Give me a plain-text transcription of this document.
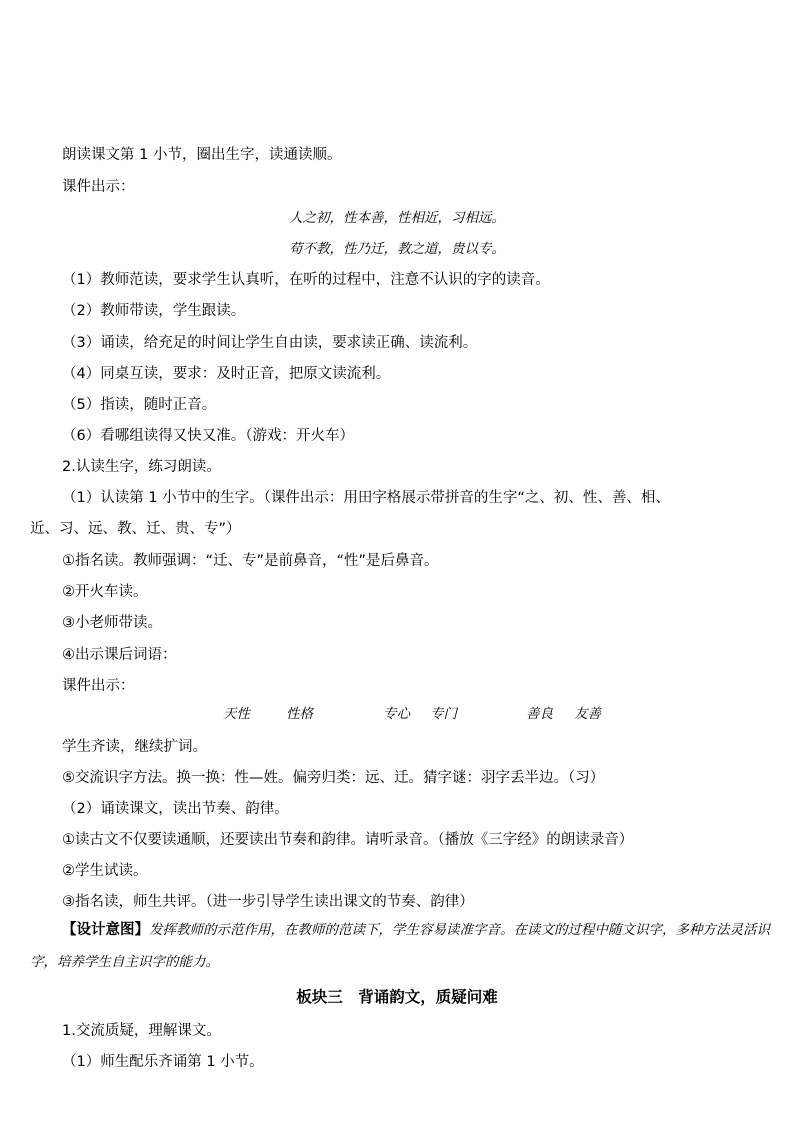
朗读课文第 1 小节，圈出生字，读通读顺。
课件出示：
人之初，性本善，性相近，习相远。
苟不教，性乃迁，教之道，贵以专。
（1）教师范读，要求学生认真听，在听的过程中，注意不认识的字的读音。
（2）教师带读，学生跟读。
（3）诵读，给充足的时间让学生自由读，要求读正确、读流利。
（4）同桌互读，要求：及时正音，把原文读流利。
（5）指读，随时正音。
（6）看哪组读得又快又准。（游戏：开火车）
2.认读生字，练习朗读。
（1）认读第 1 小节中的生字。（课件出示：用田字格展示带拼音的生字“之、初、性、善、相、
近、习、远、教、迁、贵、专”）
①指名读。教师强调：“迁、专”是前鼻音，“性”是后鼻音。
②开火车读。
③小老师带读。
④出示课后词语：
课件出示：
天性	性格	专心 专门	善良 友善
学生齐读，继续扩词。
⑤交流识字方法。换一换：性—姓。偏旁归类：远、迁。猜字谜：羽字丢半边。（习）
（2）诵读课文，读出节奏、韵律。
①读古文不仅要读通顺，还要读出节奏和韵律。请听录音。（播放《三字经》的朗读录音）
②学生试读。
③指名读，师生共评。（进一步引导学生读出课文的节奏、韵律）
【设计意图】发挥教师的示范作用，在教师的范读下，学生容易读准字音。在读文的过程中随文识字，多种方法灵活识字，培养学生自主识字的能力。
板块三　背诵韵文，质疑问难
1.交流质疑，理解课文。
（1）师生配乐齐诵第 1 小节。
